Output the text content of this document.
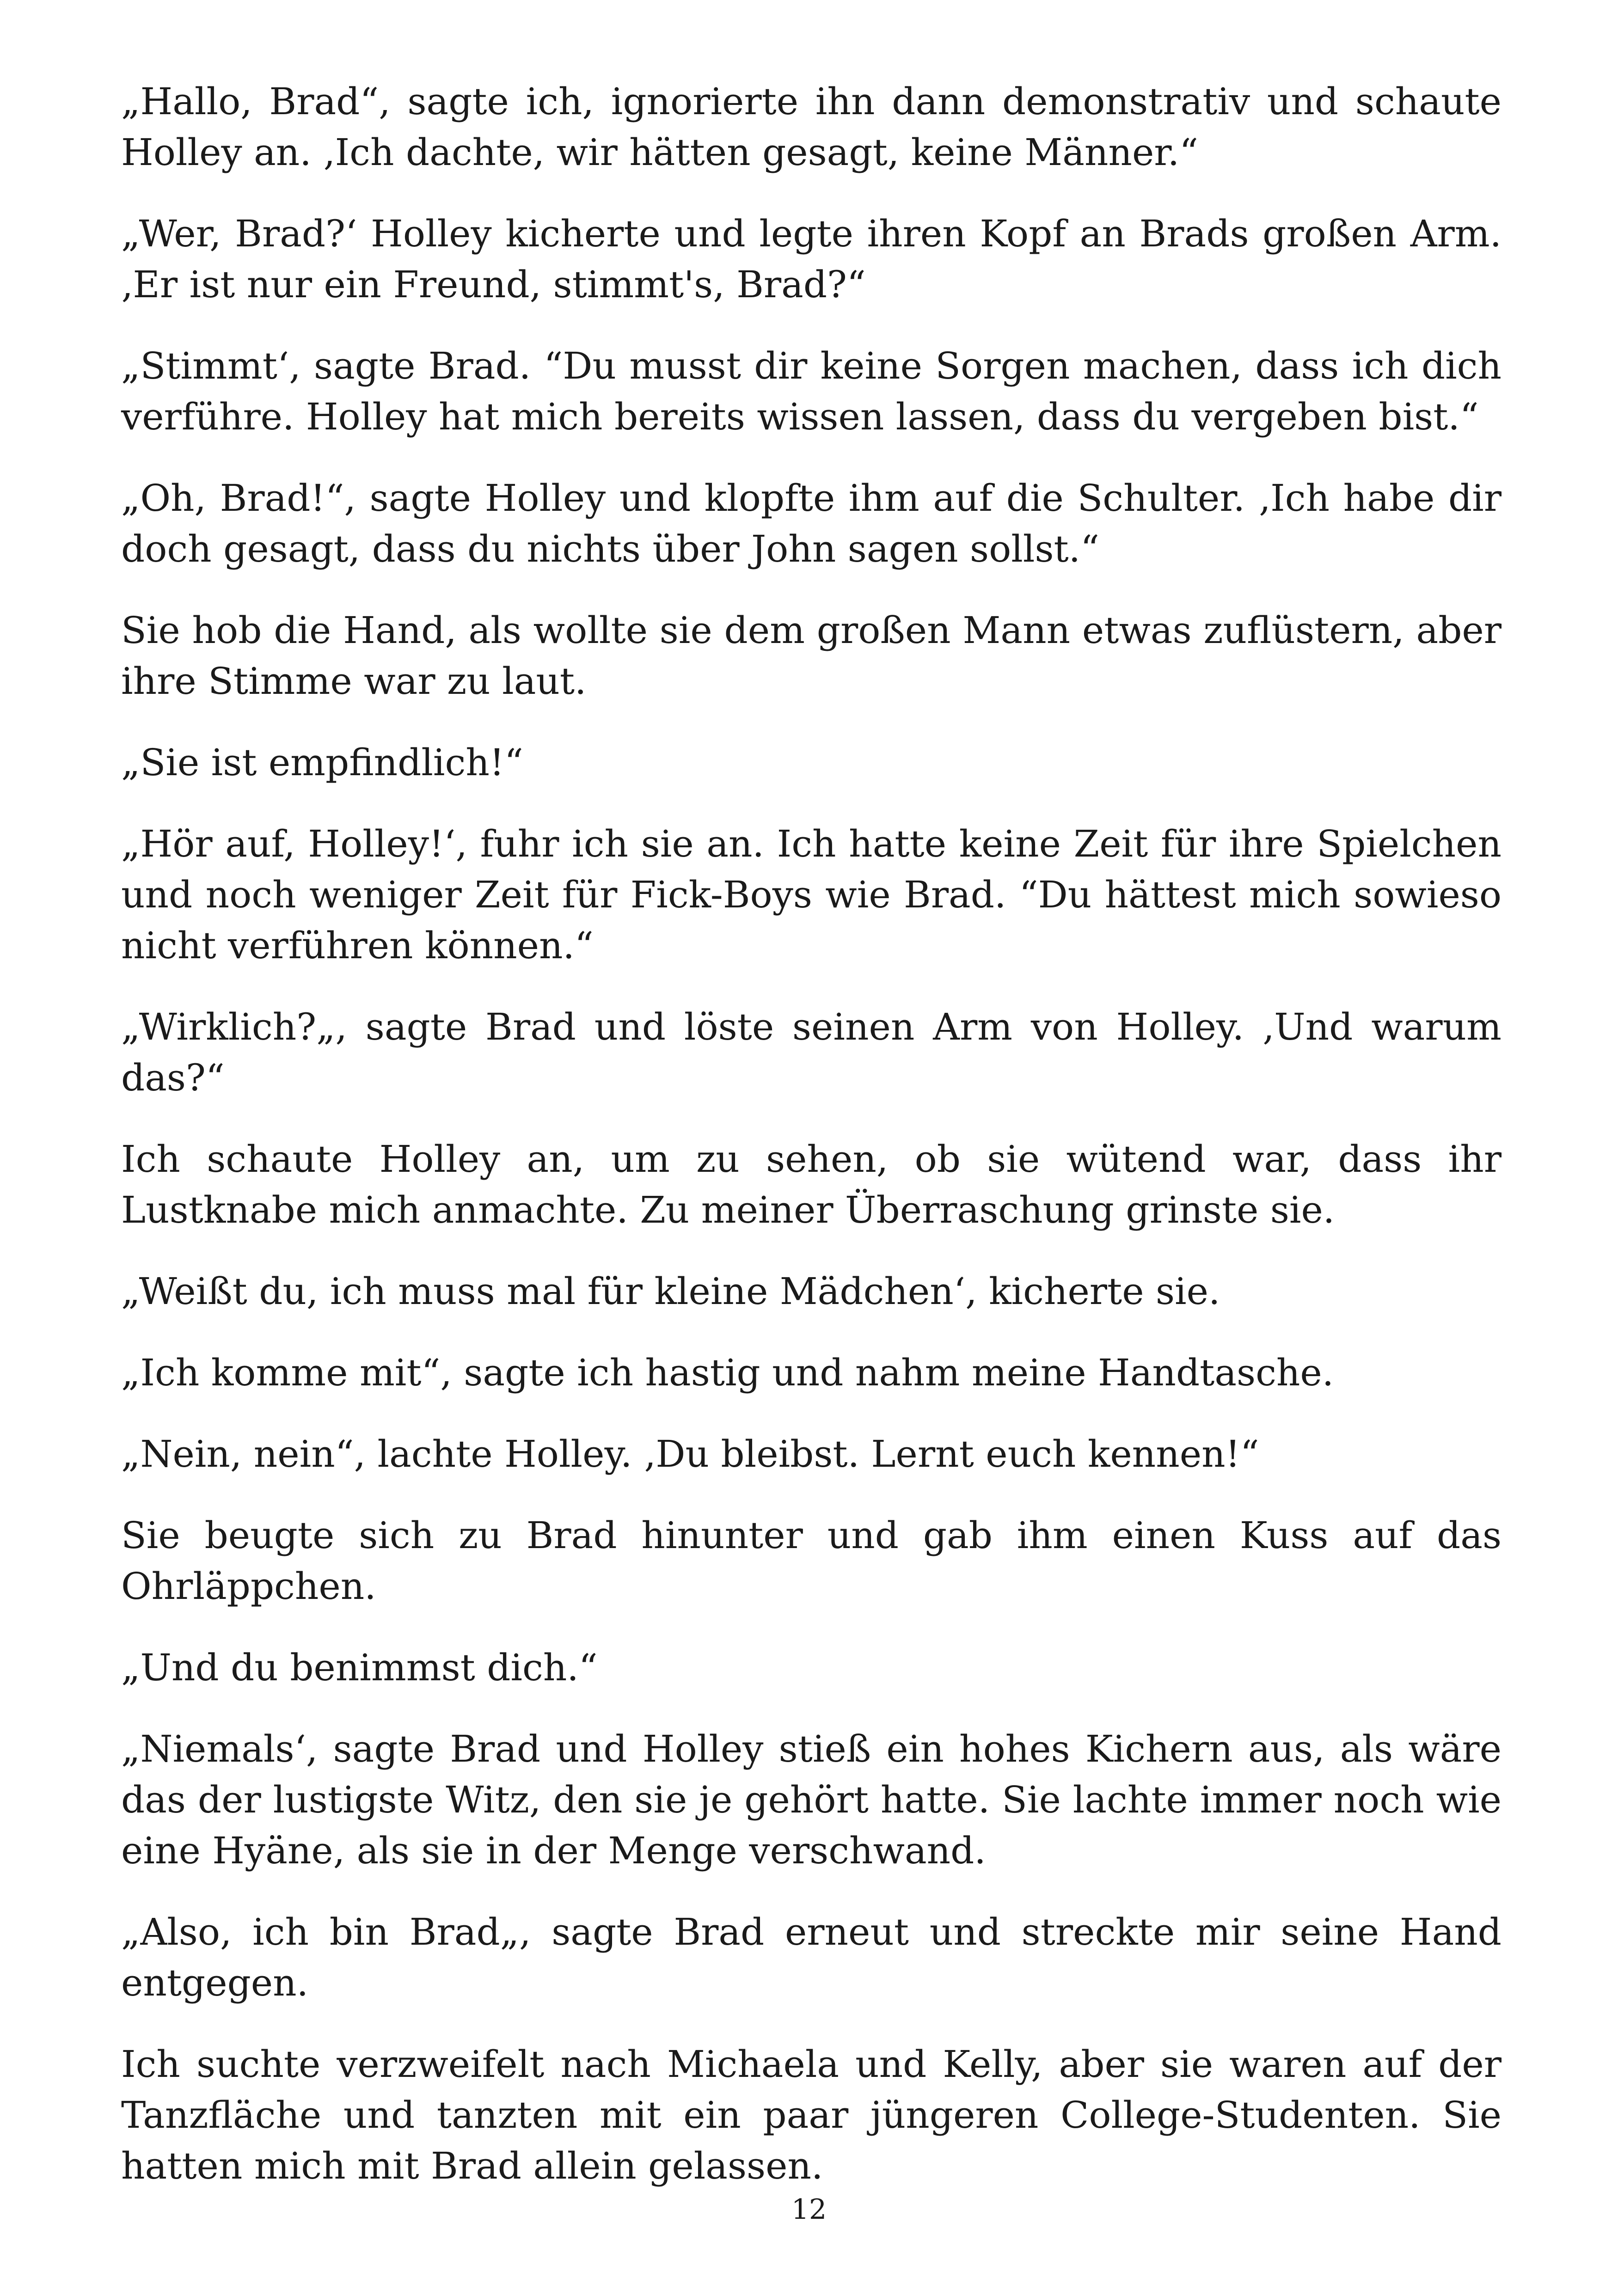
„Hallo, Brad“, sagte ich, ignorierte ihn dann demonstrativ und schaute Holley an. ‚Ich dachte, wir hätten gesagt, keine Männer.“

„Wer, Brad?‘ Holley kicherte und legte ihren Kopf an Brads großen Arm. ‚Er ist nur ein Freund, stimmt's, Brad?“

„Stimmt‘, sagte Brad. “Du musst dir keine Sorgen machen, dass ich dich verführe. Holley hat mich bereits wissen lassen, dass du vergeben bist.“

„Oh, Brad!“, sagte Holley und klopfte ihm auf die Schulter. ‚Ich habe dir doch gesagt, dass du nichts über John sagen sollst.“

Sie hob die Hand, als wollte sie dem großen Mann etwas zuflüstern, aber ihre Stimme war zu laut.

„Sie ist empfindlich!“

„Hör auf, Holley!‘, fuhr ich sie an. Ich hatte keine Zeit für ihre Spielchen und noch weniger Zeit für Fick-Boys wie Brad. “Du hättest mich sowieso nicht verführen können.“

„Wirklich?„, sagte Brad und löste seinen Arm von Holley. ‚Und warum das?“

Ich schaute Holley an, um zu sehen, ob sie wütend war, dass ihr Lustknabe mich anmachte. Zu meiner Überraschung grinste sie.

„Weißt du, ich muss mal für kleine Mädchen‘, kicherte sie.

„Ich komme mit“, sagte ich hastig und nahm meine Handtasche.

„Nein, nein“, lachte Holley. ‚Du bleibst. Lernt euch kennen!“

Sie beugte sich zu Brad hinunter und gab ihm einen Kuss auf das Ohrläppchen.

„Und du benimmst dich.“

„Niemals‘, sagte Brad und Holley stieß ein hohes Kichern aus, als wäre das der lustigste Witz, den sie je gehört hatte. Sie lachte immer noch wie eine Hyäne, als sie in der Menge verschwand.

„Also, ich bin Brad„, sagte Brad erneut und streckte mir seine Hand entgegen.

Ich suchte verzweifelt nach Michaela und Kelly, aber sie waren auf der Tanzfläche und tanzten mit ein paar jüngeren College-Studenten. Sie hatten mich mit Brad allein gelassen.

12
